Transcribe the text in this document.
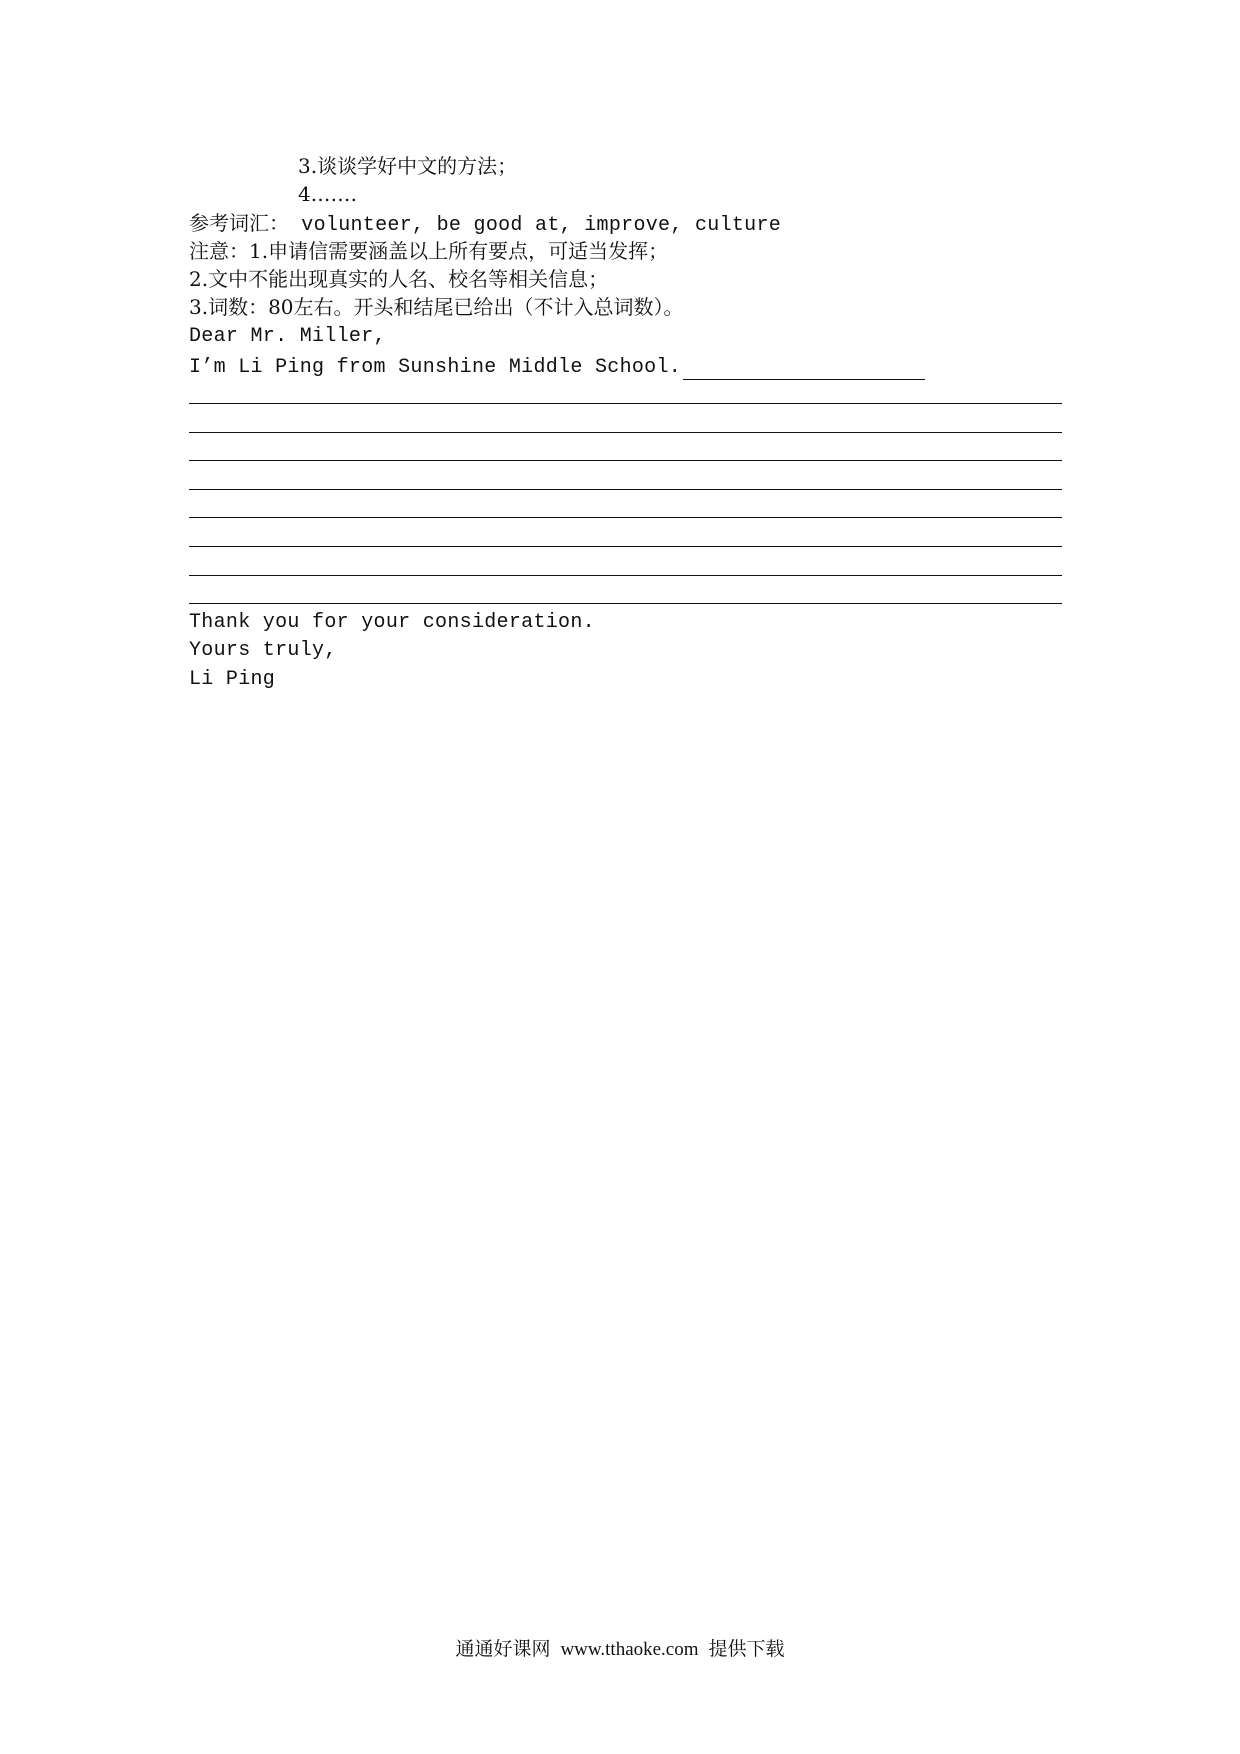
3.谈谈学好中文的方法；
4.……
参考词汇： volunteer, be good at, improve, culture
注意：1.申请信需要涵盖以上所有要点，可适当发挥；
2.文中不能出现真实的人名、校名等相关信息；
3.词数：80左右。开头和结尾已给出（不计入总词数）。
Dear Mr. Miller,
I’m Li Ping from Sunshine Middle School.
Thank you for your consideration.
Yours truly,
Li Ping
通通好课网 www.tthaoke.com 提供下载
